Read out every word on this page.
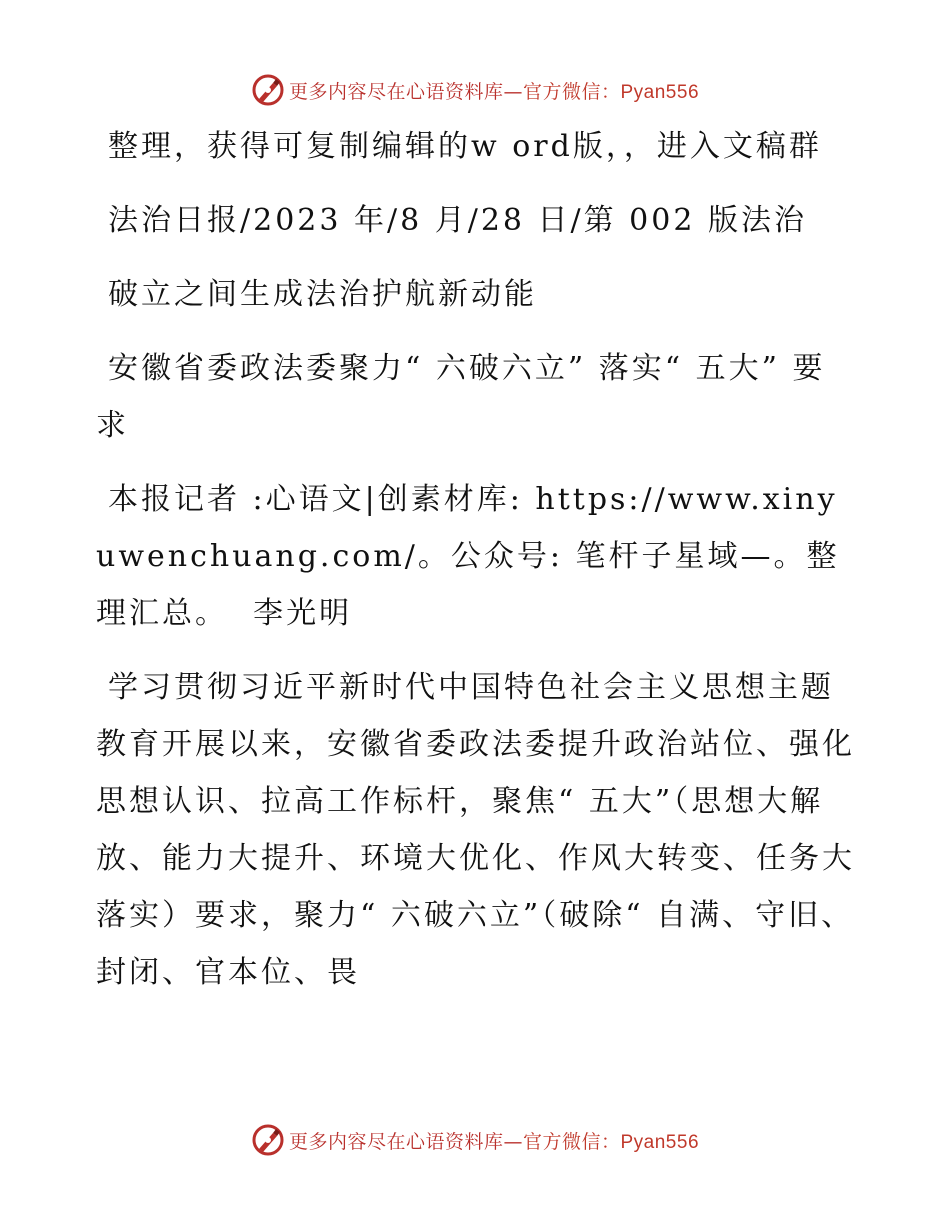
更多内容尽在心语资料库—官方微信：Pyan556

整理，获得可复制编辑的w ord版，，进入文稿群

法治日报/2023 年/8 月/28 日/第 002 版法治

破立之间生成法治护航新动能

安徽省委政法委聚力“ 六破六立” 落实“ 五大” 要求

本报记者 :心语文|创素材库: https://www.xinyuwenchuang.com/。公众号: 笔杆子星域—。整理汇总。  李光明

学习贯彻习近平新时代中国特色社会主义思想主题教育开展以来，安徽省委政法委提升政治站位、强化思想认识、拉高工作标杆，聚焦“ 五大”（思想大解放、能力大提升、环境大优化、作风大转变、任务大落实）要求，聚力“ 六破六立”（破除“ 自满、守旧、封闭、官本位、畏

更多内容尽在心语资料库—官方微信：Pyan556
